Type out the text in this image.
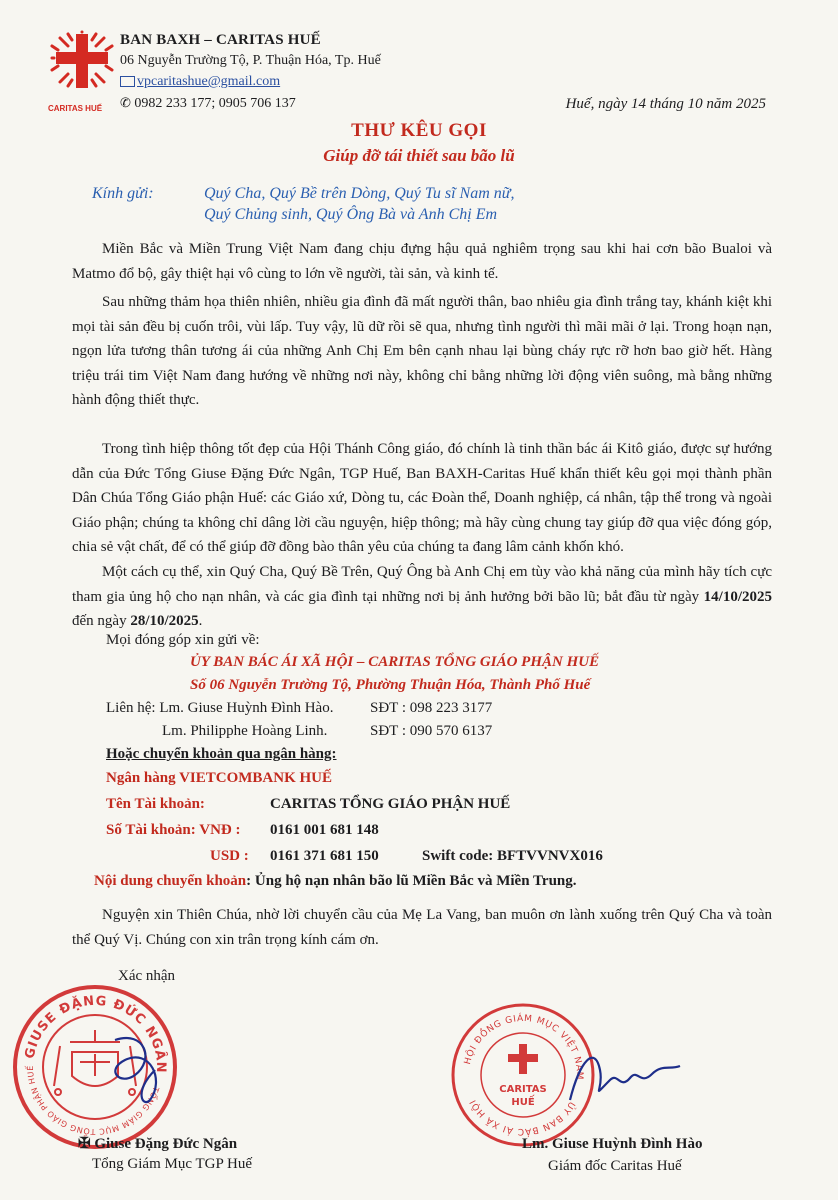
CARITAS HUẾ
BAN BAXH – CARITAS HUẾ
06 Nguyễn Trường Tộ, P. Thuận Hóa, Tp. Huế
vpcaritashue@gmail.com
✆ 0982 233 177; 0905 706 137	Huế, ngày 14 tháng 10 năm 2025
THƯ KÊU GỌI
Giúp đỡ tái thiết sau bão lũ
Kính gửi:	Quý Cha, Quý Bề trên Dòng, Quý Tu sĩ Nam nữ,
Quý Chủng sinh, Quý Ông Bà và Anh Chị Em
Miền Bắc và Miền Trung Việt Nam đang chịu đựng hậu quả nghiêm trọng sau khi hai cơn bão Bualoi và Matmo đổ bộ, gây thiệt hại vô cùng to lớn về người, tài sản, và kinh tế.
Sau những thảm họa thiên nhiên, nhiều gia đình đã mất người thân, bao nhiêu gia đình trắng tay, khánh kiệt khi mọi tài sản đều bị cuốn trôi, vùi lấp. Tuy vậy, lũ dữ rồi sẽ qua, nhưng tình người thì mãi mãi ở lại. Trong hoạn nạn, ngọn lửa tương thân tương ái của những Anh Chị Em bên cạnh nhau lại bùng cháy rực rỡ hơn bao giờ hết. Hàng triệu trái tim Việt Nam đang hướng về những nơi này, không chỉ bằng những lời động viên suông, mà bằng những hành động thiết thực.
Trong tình hiệp thông tốt đẹp của Hội Thánh Công giáo, đó chính là tinh thần bác ái Kitô giáo, được sự hướng dẫn của Đức Tổng Giuse Đặng Đức Ngân, TGP Huế, Ban BAXH-Caritas Huế khẩn thiết kêu gọi mọi thành phần Dân Chúa Tổng Giáo phận Huế: các Giáo xứ, Dòng tu, các Đoàn thể, Doanh nghiệp, cá nhân, tập thể trong và ngoài Giáo phận; chúng ta không chỉ dâng lời cầu nguyện, hiệp thông; mà hãy cùng chung tay giúp đỡ qua việc đóng góp, chia sẻ vật chất, để có thể giúp đỡ đồng bào thân yêu của chúng ta đang lâm cảnh khốn khó.
Một cách cụ thể, xin Quý Cha, Quý Bề Trên, Quý Ông bà Anh Chị em tùy vào khả năng của mình hãy tích cực tham gia ủng hộ cho nạn nhân, và các gia đình tại những nơi bị ảnh hưởng bởi bão lũ; bắt đầu từ ngày 14/10/2025 đến ngày 28/10/2025.
Mọi đóng góp xin gửi về:
ỦY BAN BÁC ÁI XÃ HỘI – CARITAS TỔNG GIÁO PHẬN HUẾ
Số 06 Nguyễn Trường Tộ, Phường Thuận Hóa, Thành Phố Huế
Liên hệ: Lm. Giuse Huỳnh Đình Hào. SĐT : 098 223 3177
Lm. Philipphe Hoàng Linh.	SĐT : 090 570 6137
Hoặc chuyển khoản qua ngân hàng:
Ngân hàng VIETCOMBANK HUẾ
Tên Tài khoản:	CARITAS TỔNG GIÁO PHẬN HUẾ
Số Tài khoản: VNĐ : 0161 001 681 148
USD : 0161 371 681 150	Swift code: BFTVVNVX016
Nội dung chuyển khoản: Ủng hộ nạn nhân bão lũ Miền Bắc và Miền Trung.
Nguyện xin Thiên Chúa, nhờ lời chuyển cầu của Mẹ La Vang, ban muôn ơn lành xuống trên Quý Cha và toàn thể Quý Vị. Chúng con xin trân trọng kính cám ơn.
Xác nhận
GIUSE ĐẶNG ĐỨC NGÂN
TỔNG GIÁM MỤC TỔNG GIÁO PHẬN HUẾ
HỘI ĐỒNG GIÁM MỤC VIỆT NAM
ỦY BAN BÁC ÁI XÃ HỘI
CARITAS
HUẾ
✠ Giuse Đặng Đức Ngân
Tổng Giám Mục TGP Huế
Lm. Giuse Huỳnh Đình Hào
Giám đốc Caritas Huế
